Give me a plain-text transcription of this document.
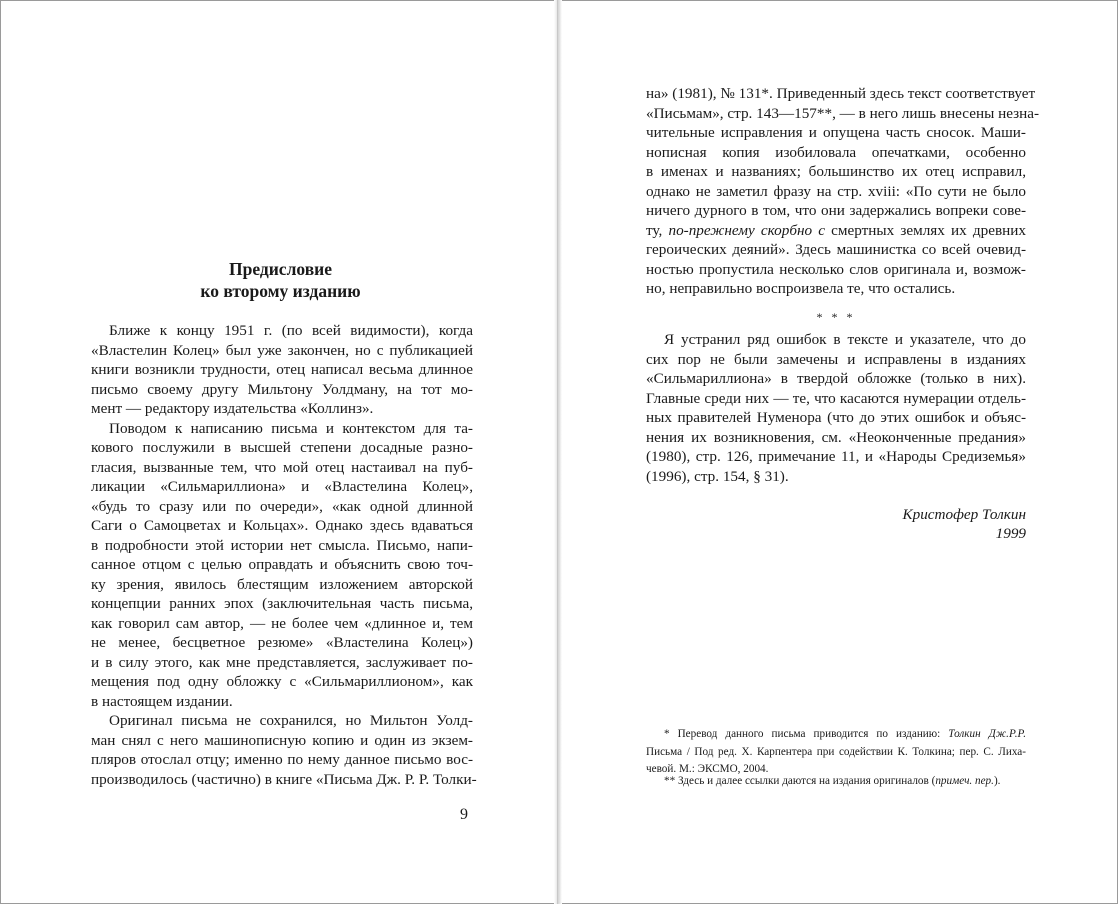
Предисловие
ко второму изданию
Ближе к концу 1951 г. (по всей видимости), когда
«Властелин Колец» был уже закончен, но с публикацией
книги возникли трудности, отец написал весьма длинное
письмо своему другу Мильтону Уолдману, на тот мо-
мент — редактору издательства «Коллинз».
Поводом к написанию письма и контекстом для та-
кового послужили в высшей степени досадные разно-
гласия, вызванные тем, что мой отец настаивал на пуб-
ликации «Сильмариллиона» и «Властелина Колец»,
«будь то сразу или по очереди», «как одной длинной
Саги о Самоцветах и Кольцах». Однако здесь вдаваться
в подробности этой истории нет смысла. Письмо, напи-
санное отцом с целью оправдать и объяснить свою точ-
ку зрения, явилось блестящим изложением авторской
концепции ранних эпох (заключительная часть письма,
как говорил сам автор, — не более чем «длинное и, тем
не менее, бесцветное резюме» «Властелина Колец»)
и в силу этого, как мне представляется, заслуживает по-
мещения под одну обложку с «Сильмариллионом», как
в настоящем издании.
Оригинал письма не сохранился, но Мильтон Уолд-
ман снял с него машинописную копию и один из экзем-
пляров отослал отцу; именно по нему данное письмо вос-
производилось (частично) в книге «Письма Дж. Р. Р. Толки-
9
на» (1981), № 131*. Приведенный здесь текст соответствует
«Письмам», стр. 143—157**, — в него лишь внесены незна-
чительные исправления и опущена часть сносок. Маши-
нописная копия изобиловала опечатками, особенно
в именах и названиях; большинство их отец исправил,
однако не заметил фразу на стр. xviii: «По сути не было
ничего дурного в том, что они задержались вопреки сове-
ту, по-прежнему скорбно с смертных землях их древних
героических деяний». Здесь машинистка со всей очевид-
ностью пропустила несколько слов оригинала и, возмож-
но, неправильно воспроизвела те, что остались.
* * *
Я устранил ряд ошибок в тексте и указателе, что до
сих пор не были замечены и исправлены в изданиях
«Сильмариллиона» в твердой обложке (только в них).
Главные среди них — те, что касаются нумерации отдель-
ных правителей Нуменора (что до этих ошибок и объяс-
нения их возникновения, см. «Неоконченные предания»
(1980), стр. 126, примечание 11, и «Народы Средиземья»
(1996), стр. 154, § 31).
Кристофер Толкин
1999
* Перевод данного письма приводится по изданию: Толкин Дж.Р.Р.
Письма / Под ред. Х. Карпентера при содействии К. Толкина; пер. С. Лиха-
чевой. М.: ЭКСМО, 2004.
** Здесь и далее ссылки даются на издания оригиналов (примеч. пер.).
